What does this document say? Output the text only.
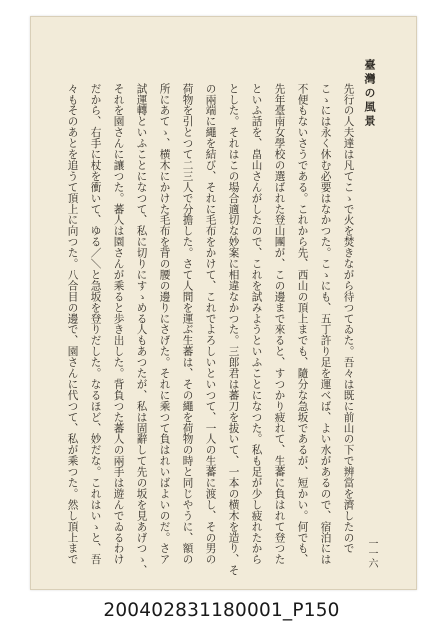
臺灣の風景
一一六
先行の人夫達は凡てこゝで火を焚きながら待つてゐた。吾々は既に前山の下で辨當を濟したので
こゝには永く休む必要はなかつた。こゝにも、五丁許り足を運べば、よい水があるので、宿泊には
不便もないさうである。これから先、西山の頂上までも、隨分な急坂であるが、短かい。何でも、
先年臺南女學校の選ばれた登山團が、この邊まで來ると、すつかり疲れて、生蕃に負はれて登つた
といふ話を、畠山さんがしたので、これを試みようといふことになつた。私も足が少し疲れたから
とした。それはこの場合適切な妙案に相違なかつた。三郎君は蕃刀を拔いて、一本の横木を造り、そ
の兩端に繩を結び、それに毛布をかけて、これでよろしいといつて、一人の生蕃に渡し、その男の
荷物を引とつて二三人で分擔した。さて人間を運ぶ生蕃は、その繩を荷物の時と同じやうに、額の
所にあてゝ、横木にかけた毛布を背の腰の邊りにさげた。それに乘つて負はれいばよいのだ。さア
試運轉といふことになつて、私に切りにすゝめる人もあつたが、私は固辭して先の坂を見あげつゝ、
それを園さんに讓つた。蕃人は園さんが乘ると歩き出した。背負つた蕃人の兩手は遊んでゐるわけ
だから、右手に杖を衝いて、ゆる／＼と急坂を登りだした。なるほど、妙だな。これはいゝと、吾
々もそのあとを追うて頂上に向つた。八合目の邊で、園さんに代つて、私が乘つた。然し頂上まで
200402831180001_P150
